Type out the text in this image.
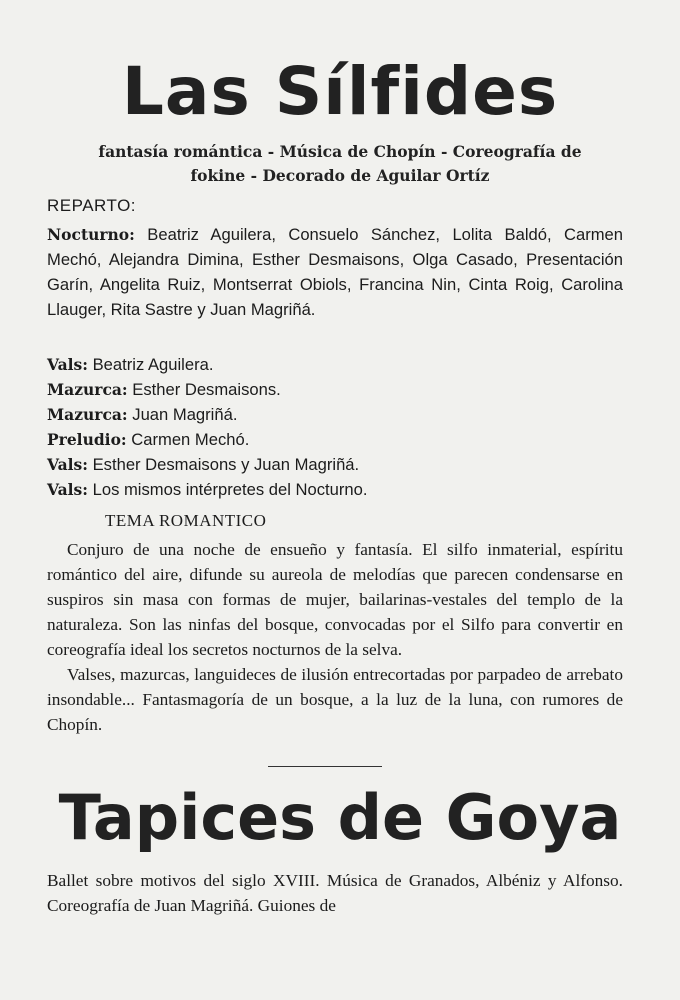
Las Sílfides
fantasía romántica - Música de Chopín - Coreografía de
fokine - Decorado de Aguilar Ortíz
REPARTO:

Nocturno: Beatriz Aguilera, Consuelo Sánchez, Lolita Baldó, Carmen Mechó, Alejandra Dimina, Esther Desmaisons, Olga Casado, Presentación Garín, Angelita Ruiz, Montserrat Obiols, Francina Nin, Cinta Roig, Carolina Llauger, Rita Sastre y Juan Magriñá.

Vals: Beatriz Aguilera.
Mazurca: Esther Desmaisons.
Mazurca: Juan Magriñá.
Preludio: Carmen Mechó.
Vals: Esther Desmaisons y Juan Magriñá.
Vals: Los mismos intérpretes del Nocturno.
TEMA ROMANTICO

Conjuro de una noche de ensueño y fantasía. El silfo inmaterial, espíritu romántico del aire, difunde su aureola de melodías que parecen condensarse en suspiros sin masa con formas de mujer, bailarinas-vestales del templo de la naturaleza. Son las ninfas del bosque, convocadas por el Silfo para convertir en coreografía ideal los secretos nocturnos de la selva.

Valses, mazurcas, languideces de ilusión entrecortadas por parpadeo de arrebato insondable... Fantasmagoría de un bosque, a la luz de la luna, con rumores de Chopín.

Tapices de Goya

Ballet sobre motivos del siglo XVIII. Música de Granados, Albéniz y Alfonso. Coreografía de Juan Magriñá. Guiones de
